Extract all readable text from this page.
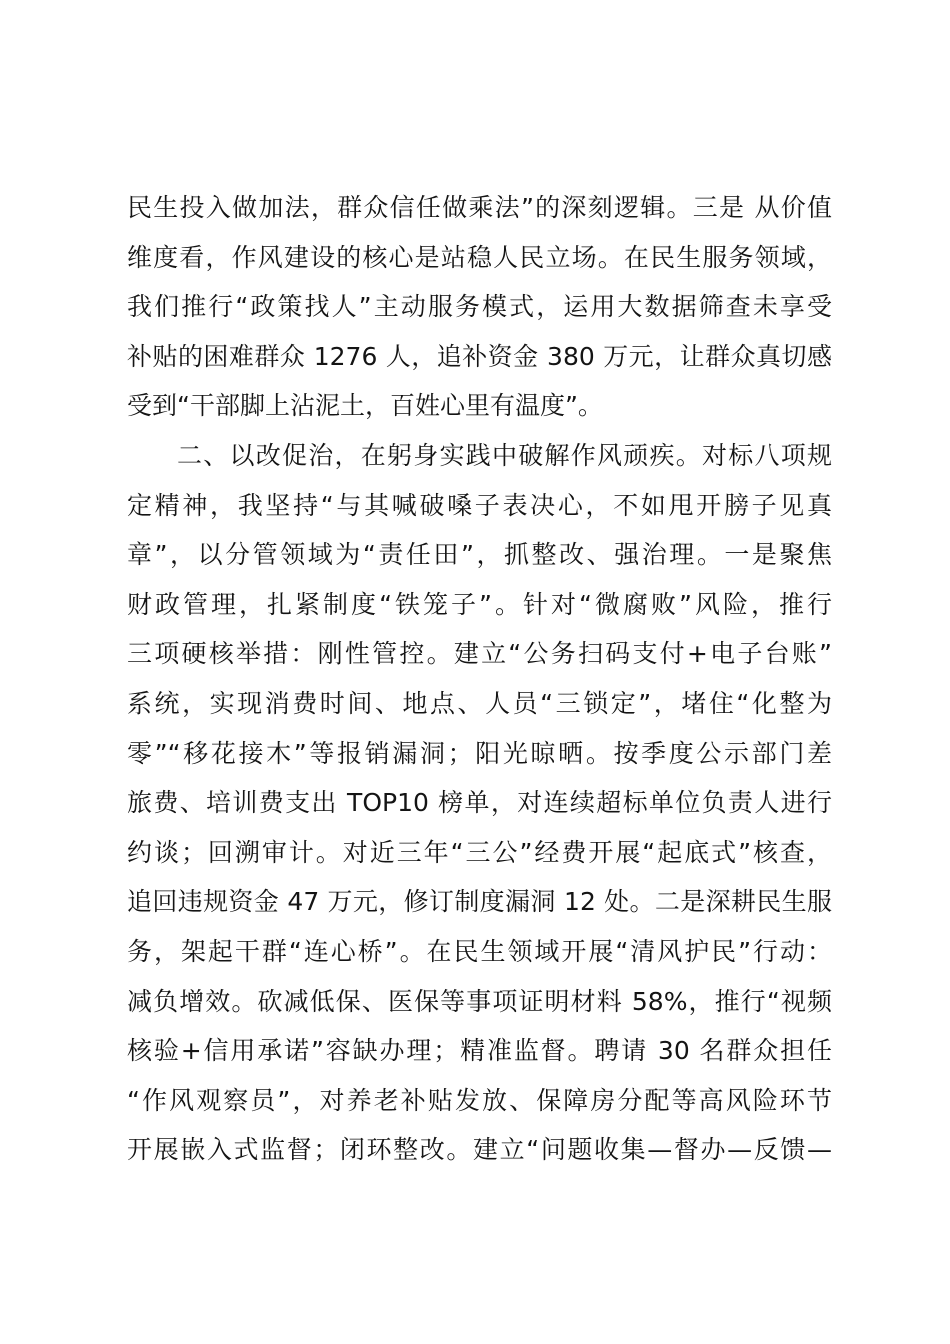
民生投入做加法，群众信任做乘法”的深刻逻辑。三是 从价值
维度看，作风建设的核心是站稳人民立场。在民生服务领域，
我们推行“政策找人”主动服务模式，运用大数据筛查未享受
补贴的困难群众 1276 人，追补资金 380 万元，让群众真切感
受到“干部脚上沾泥土，百姓心里有温度”。
二、以改促治，在躬身实践中破解作风顽疾。对标八项规
定精神，我坚持“与其喊破嗓子表决心，不如甩开膀子见真
章”，以分管领域为“责任田”，抓整改、强治理。一是聚焦
财政管理，扎紧制度“铁笼子”。针对“微腐败”风险，推行
三项硬核举措：刚性管控。建立“公务扫码支付+电子台账”
系统，实现消费时间、地点、人员“三锁定”，堵住“化整为
零”“移花接木”等报销漏洞；阳光晾晒。按季度公示部门差
旅费、培训费支出 TOP10 榜单，对连续超标单位负责人进行
约谈；回溯审计。对近三年“三公”经费开展“起底式”核查，
追回违规资金 47 万元，修订制度漏洞 12 处。二是深耕民生服
务，架起干群“连心桥”。在民生领域开展“清风护民”行动：
减负增效。砍减低保、医保等事项证明材料 58%，推行“视频
核验+信用承诺”容缺办理；精准监督。聘请 30 名群众担任
“作风观察员”，对养老补贴发放、保障房分配等高风险环节
开展嵌入式监督；闭环整改。建立“问题收集—督办—反馈—
